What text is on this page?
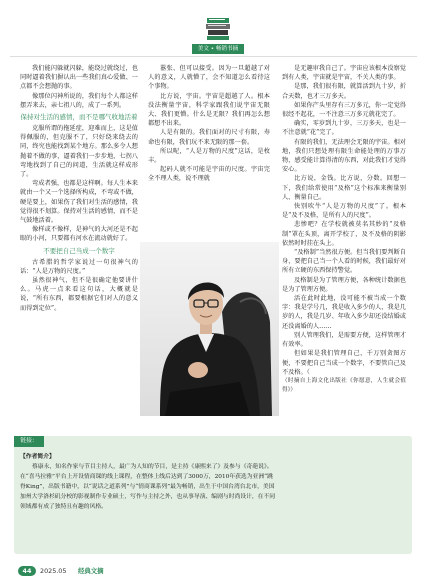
美文 • 畅销书摘

我们能闪躲就闪躲，能绕过就绕过，也同时逼着我们摒认出一些我们真心爱做、一点都不会想抛的事。

像那位闪神所说的，我们每个人都这样摆弄来去，亲七祖八的，成了一系列。

保持对生活的感情，而不是哪气收地活着

克服所谓的拖延症，迎难而上，这是值得佩服的，但克服不了，只好绕来绕去的同，终究也能找到某个地方。那么多令人想抛着不做的事，逼着我们一步步地，七拐八弯地找到了自己的问道，生活就这样成形了。

弯成者强，也都是这样啊。每人生本来就由一个又一个选择所构成，不弯或不做，硬是要上，如果伤了我们对生活的感情，我觉得很不划算。保持对生活的感情，而不是气鼓地活着。

像样或不像样，是神气的大河还是不起眼的小河，只要都有河水在流动就好了。

不要把自己当成一个数字

古希腊的哲学家说过一句很神气的话：“人是万物的尺度。”

虽然很神气，但不是很确定他要讲什么。马虎一点来看这句话，大概就是说，“所有东西，都要根据它们对人的意义而得到定位”。

嚣张、但可以接受。因为一旦超越了对人的意义，人就懵了，会不知道怎么看待这个事物。

比方说，宇宙。宇宙是超越了人。根本没法衡量宇宙，科学家跟我们说宇宙无限大、我们更懵。什么是无限？我们再怎么想都想不出来。

人是有限的。我们面对的尺寸有限，寿命也有限，我们玩不来无限的那一套。

所以呢，“人是万物的尺度”这话，是枚丰。

起码人就不可能是宇宙的尺度。宇宙完全不理人类，说不理就

是无趣审我自己了。宇宙应该根本没察觉到有人类，宇宙就是宇宙，不关人类的事。

是那，我们很有限，就算活到九十岁，折合天数，也才三万多天。

如果你产头里存有三万多元，你一定觉得很经不起花，一不注意三万多元就花完了。

确实，零岁到九十岁，三万多天，也是一不注意就“花”完了。

有限的我们，无法理会无限的宇宙。相对地，我们只想处理有限生命能处理的万事万物，感受能计算得清的东西，对此我们才觉得安心。

比方说，金钱。比方说，分数。回想一下，我们给常使用“及格”这个标准来衡量别人、衡量自己。

快别吹牛“人是万物的尺度”了。根本是“及不及格，是所有人的尺度”。

悲惨吧？在学校就被莫名其妙的“及格制”罩在头顶，离开学校了，及不及格的阴影依然时时挂在头上。

“及格制”当然很方便。但当我们要判断自身，要把自己当一个人看的时候，我们最好对所有立硬的东西保持警觉。

及格制是为了管理方便，各种统计数据也是为了管理方便。

活在此时此地，没可能不被当成一个数字：我是学号几，我是收入多少的人，我是几岁的人，我是几岁、年收入多少却还没结婚或还没离婚的人……

别人管理我们，是需要方便，这样管理才有效率。

但如果是我们管理自己，千万别贪图方便，不要把自己当成一个数字，不要管自己及不及格。（

（时摘自上海文化出版社《你愿意，人生就会值得》）

链接：
【作者简介】

蔡康永，知名作家与节目主持人，最广为人知的节目，是主持《康熙来了》及参与《奇葩说》。在“喜马拉雅”平台上开设情商课的线上课程，在整体上线后达到了3000万，2010年获选为亚洲“跳脊King”，出版书籍中，以“说话之道系列”与“情商课系列”最为畅销，出生于中国台湾台北市，美国加州大学洛杉矶分校的影视制作专业硕士，写作与主持之外，也从事导演、编剧与时尚设计，在不同领域都有成了独特且有趣的风格。

44	2025.05 经典文摘
